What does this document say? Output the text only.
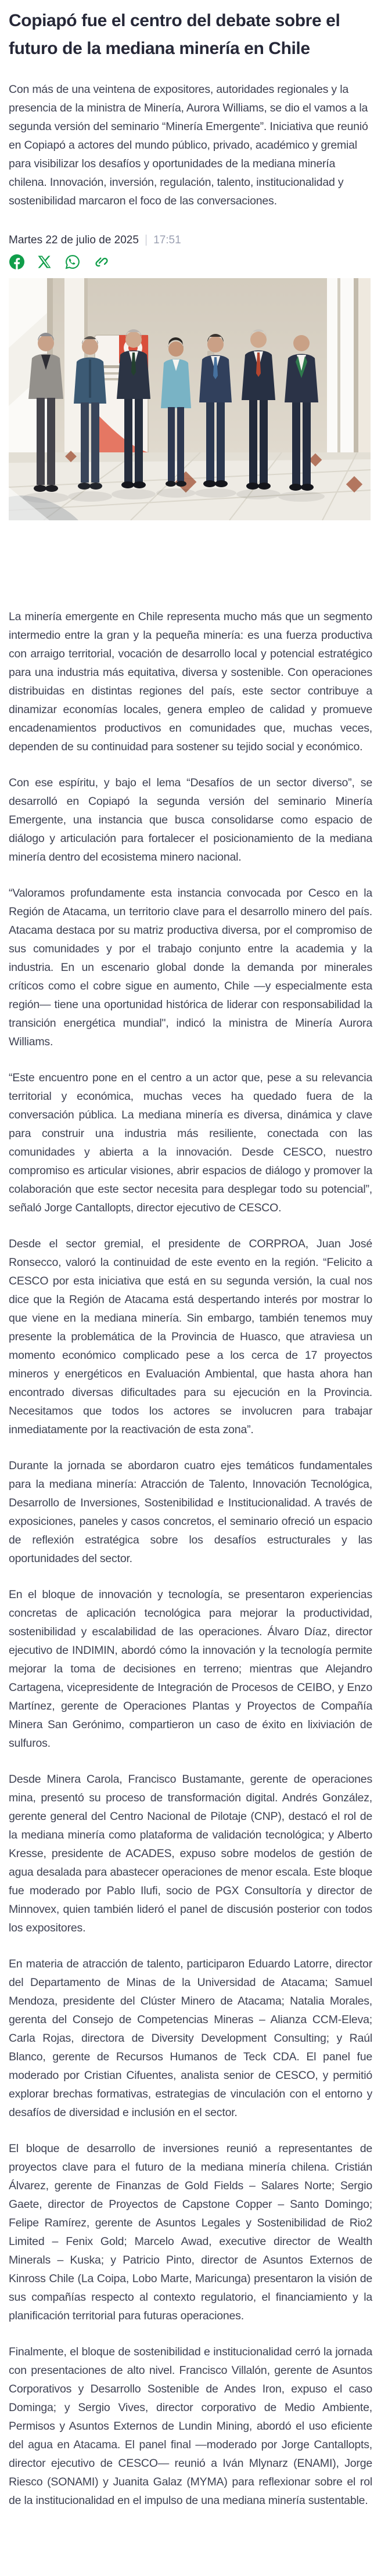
Copiapó fue el centro del debate sobre el futuro de la mediana minería en Chile

Con más de una veintena de expositores, autoridades regionales y la presencia de la ministra de Minería, Aurora Williams, se dio el vamos a la segunda versión del seminario “Minería Emergente”. Iniciativa que reunió en Copiapó a actores del mundo público, privado, académico y gremial para visibilizar los desafíos y oportunidades de la mediana minería chilena. Innovación, inversión, regulación, talento, institucionalidad y sostenibilidad marcaron el foco de las conversaciones.

Martes 22 de julio de 2025 | 17:51

La minería emergente en Chile representa mucho más que un segmento intermedio entre la gran y la pequeña minería: es una fuerza productiva con arraigo territorial, vocación de desarrollo local y potencial estratégico para una industria más equitativa, diversa y sostenible. Con operaciones distribuidas en distintas regiones del país, este sector contribuye a dinamizar economías locales, genera empleo de calidad y promueve encadenamientos productivos en comunidades que, muchas veces, dependen de su continuidad para sostener su tejido social y económico.

Con ese espíritu, y bajo el lema “Desafíos de un sector diverso”, se desarrolló en Copiapó la segunda versión del seminario Minería Emergente, una instancia que busca consolidarse como espacio de diálogo y articulación para fortalecer el posicionamiento de la mediana minería dentro del ecosistema minero nacional.

“Valoramos profundamente esta instancia convocada por Cesco en la Región de Atacama, un territorio clave para el desarrollo minero del país. Atacama destaca por su matriz productiva diversa, por el compromiso de sus comunidades y por el trabajo conjunto entre la academia y la industria. En un escenario global donde la demanda por minerales críticos como el cobre sigue en aumento, Chile —y especialmente esta región— tiene una oportunidad histórica de liderar con responsabilidad la transición energética mundial", indicó la ministra de Minería Aurora Williams.

“Este encuentro pone en el centro a un actor que, pese a su relevancia territorial y económica, muchas veces ha quedado fuera de la conversación pública. La mediana minería es diversa, dinámica y clave para construir una industria más resiliente, conectada con las comunidades y abierta a la innovación. Desde CESCO, nuestro compromiso es articular visiones, abrir espacios de diálogo y promover la colaboración que este sector necesita para desplegar todo su potencial”, señaló Jorge Cantallopts, director ejecutivo de CESCO.

Desde el sector gremial, el presidente de CORPROA, Juan José Ronsecco, valoró la continuidad de este evento en la región. “Felicito a CESCO por esta iniciativa que está en su segunda versión, la cual nos dice que la Región de Atacama está despertando interés por mostrar lo que viene en la mediana minería. Sin embargo, también tenemos muy presente la problemática de la Provincia de Huasco, que atraviesa un momento económico complicado pese a los cerca de 17 proyectos mineros y energéticos en Evaluación Ambiental, que hasta ahora han encontrado diversas dificultades para su ejecución en la Provincia. Necesitamos que todos los actores se involucren para trabajar inmediatamente por la reactivación de esta zona”.

Durante la jornada se abordaron cuatro ejes temáticos fundamentales para la mediana minería: Atracción de Talento, Innovación Tecnológica, Desarrollo de Inversiones, Sostenibilidad e Institucionalidad. A través de exposiciones, paneles y casos concretos, el seminario ofreció un espacio de reflexión estratégica sobre los desafíos estructurales y las oportunidades del sector.

En el bloque de innovación y tecnología, se presentaron experiencias concretas de aplicación tecnológica para mejorar la productividad, sostenibilidad y escalabilidad de las operaciones. Álvaro Díaz, director ejecutivo de INDIMIN, abordó cómo la innovación y la tecnología permite mejorar la toma de decisiones en terreno; mientras que Alejandro Cartagena, vicepresidente de Integración de Procesos de CEIBO, y Enzo Martínez, gerente de Operaciones Plantas y Proyectos de Compañía Minera San Gerónimo, compartieron un caso de éxito en lixiviación de sulfuros.

Desde Minera Carola, Francisco Bustamante, gerente de operaciones mina, presentó su proceso de transformación digital. Andrés González, gerente general del Centro Nacional de Pilotaje (CNP), destacó el rol de la mediana minería como plataforma de validación tecnológica; y Alberto Kresse, presidente de ACADES, expuso sobre modelos de gestión de agua desalada para abastecer operaciones de menor escala. Este bloque fue moderado por Pablo Ilufi, socio de PGX Consultoría y director de Minnovex, quien también lideró el panel de discusión posterior con todos los expositores.

En materia de atracción de talento, participaron Eduardo Latorre, director del Departamento de Minas de la Universidad de Atacama; Samuel Mendoza, presidente del Clúster Minero de Atacama; Natalia Morales, gerenta del Consejo de Competencias Mineras – Alianza CCM-Eleva; Carla Rojas, directora de Diversity Development Consulting; y Raúl Blanco, gerente de Recursos Humanos de Teck CDA. El panel fue moderado por Cristian Cifuentes, analista senior de CESCO, y permitió explorar brechas formativas, estrategias de vinculación con el entorno y desafíos de diversidad e inclusión en el sector.

El bloque de desarrollo de inversiones reunió a representantes de proyectos clave para el futuro de la mediana minería chilena. Cristián Álvarez, gerente de Finanzas de Gold Fields – Salares Norte; Sergio Gaete, director de Proyectos de Capstone Copper – Santo Domingo; Felipe Ramírez, gerente de Asuntos Legales y Sostenibilidad de Rio2 Limited – Fenix Gold; Marcelo Awad, executive director de Wealth Minerals – Kuska; y Patricio Pinto, director de Asuntos Externos de Kinross Chile (La Coipa, Lobo Marte, Maricunga) presentaron la visión de sus compañías respecto al contexto regulatorio, el financiamiento y la planificación territorial para futuras operaciones.

Finalmente, el bloque de sostenibilidad e institucionalidad cerró la jornada con presentaciones de alto nivel. Francisco Villalón, gerente de Asuntos Corporativos y Desarrollo Sostenible de Andes Iron, expuso el caso Dominga; y Sergio Vives, director corporativo de Medio Ambiente, Permisos y Asuntos Externos de Lundin Mining, abordó el uso eficiente del agua en Atacama. El panel final —moderado por Jorge Cantallopts, director ejecutivo de CESCO— reunió a Iván Mlynarz (ENAMI), Jorge Riesco (SONAMI) y Juanita Galaz (MYMA) para reflexionar sobre el rol de la institucionalidad en el impulso de una mediana minería sustentable.
